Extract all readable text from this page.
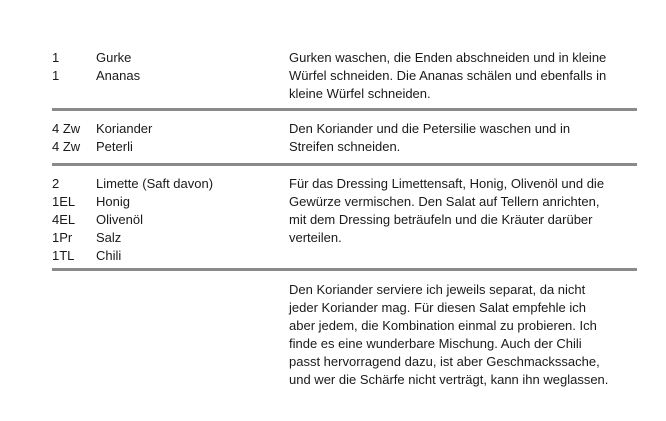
1	Gurke
1	Ananas
Gurken waschen, die Enden abschneiden und in kleine
Würfel schneiden. Die Ananas schälen und ebenfalls in
kleine Würfel schneiden.
4 Zw Koriander
4 Zw Peterli
Den Koriander und die Petersilie waschen und in
Streifen schneiden.
2	Limette (Saft davon)
1EL Honig
4EL Olivenöl
1Pr Salz
1TL Chili
Für das Dressing Limettensaft, Honig, Olivenöl und die
Gewürze vermischen. Den Salat auf Tellern anrichten,
mit dem Dressing beträufeln und die Kräuter darüber
verteilen.
Den Koriander serviere ich jeweils separat, da nicht
jeder Koriander mag. Für diesen Salat empfehle ich
aber jedem, die Kombination einmal zu probieren. Ich
finde es eine wunderbare Mischung. Auch der Chili
passt hervorragend dazu, ist aber Geschmackssache,
und wer die Schärfe nicht verträgt, kann ihn weglassen.
